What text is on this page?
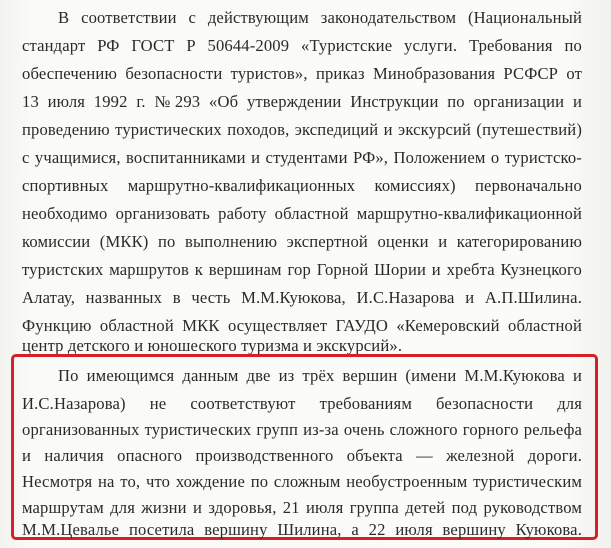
В соответствии с действующим законодательством (Национальный
стандарт РФ ГОСТ Р 50644-2009 «Туристские услуги. Требования по
обеспечению безопасности туристов», приказ Минобразования РСФСР от
13 июля 1992 г. №293 «Об утверждении Инструкции по организации и
проведению туристических походов, экспедиций и экскурсий (путешествий)
с учащимися, воспитанниками и студентами РФ», Положением о туристско-
спортивных маршрутно-квалификационных комиссиях) первоначально
необходимо организовать работу областной маршрутно-квалификационной
комиссии (МКК) по выполнению экспертной оценки и категорированию
туристских маршрутов к вершинам гор Горной Шории и хребта Кузнецкого
Алатау, названных в честь М.М.Куюкова, И.С.Назарова и А.П.Шилина.
Функцию областной МКК осуществляет ГАУДО «Кемеровский областной
центр детского и юношеского туризма и экскурсий».
По имеющимся данным две из трёх вершин (имени М.М.Куюкова и
И.С.Назарова) не соответствуют требованиям безопасности для
организованных туристических групп из-за очень сложного горного рельефа
и наличия опасного производственного объекта — железной дороги.
Несмотря на то, что хождение по сложным необустроенным туристическим
маршрутам для жизни и здоровья, 21 июля группа детей под руководством
М.М.Цевалье посетила вершину Шилина, а 22 июля вершину Куюкова.
